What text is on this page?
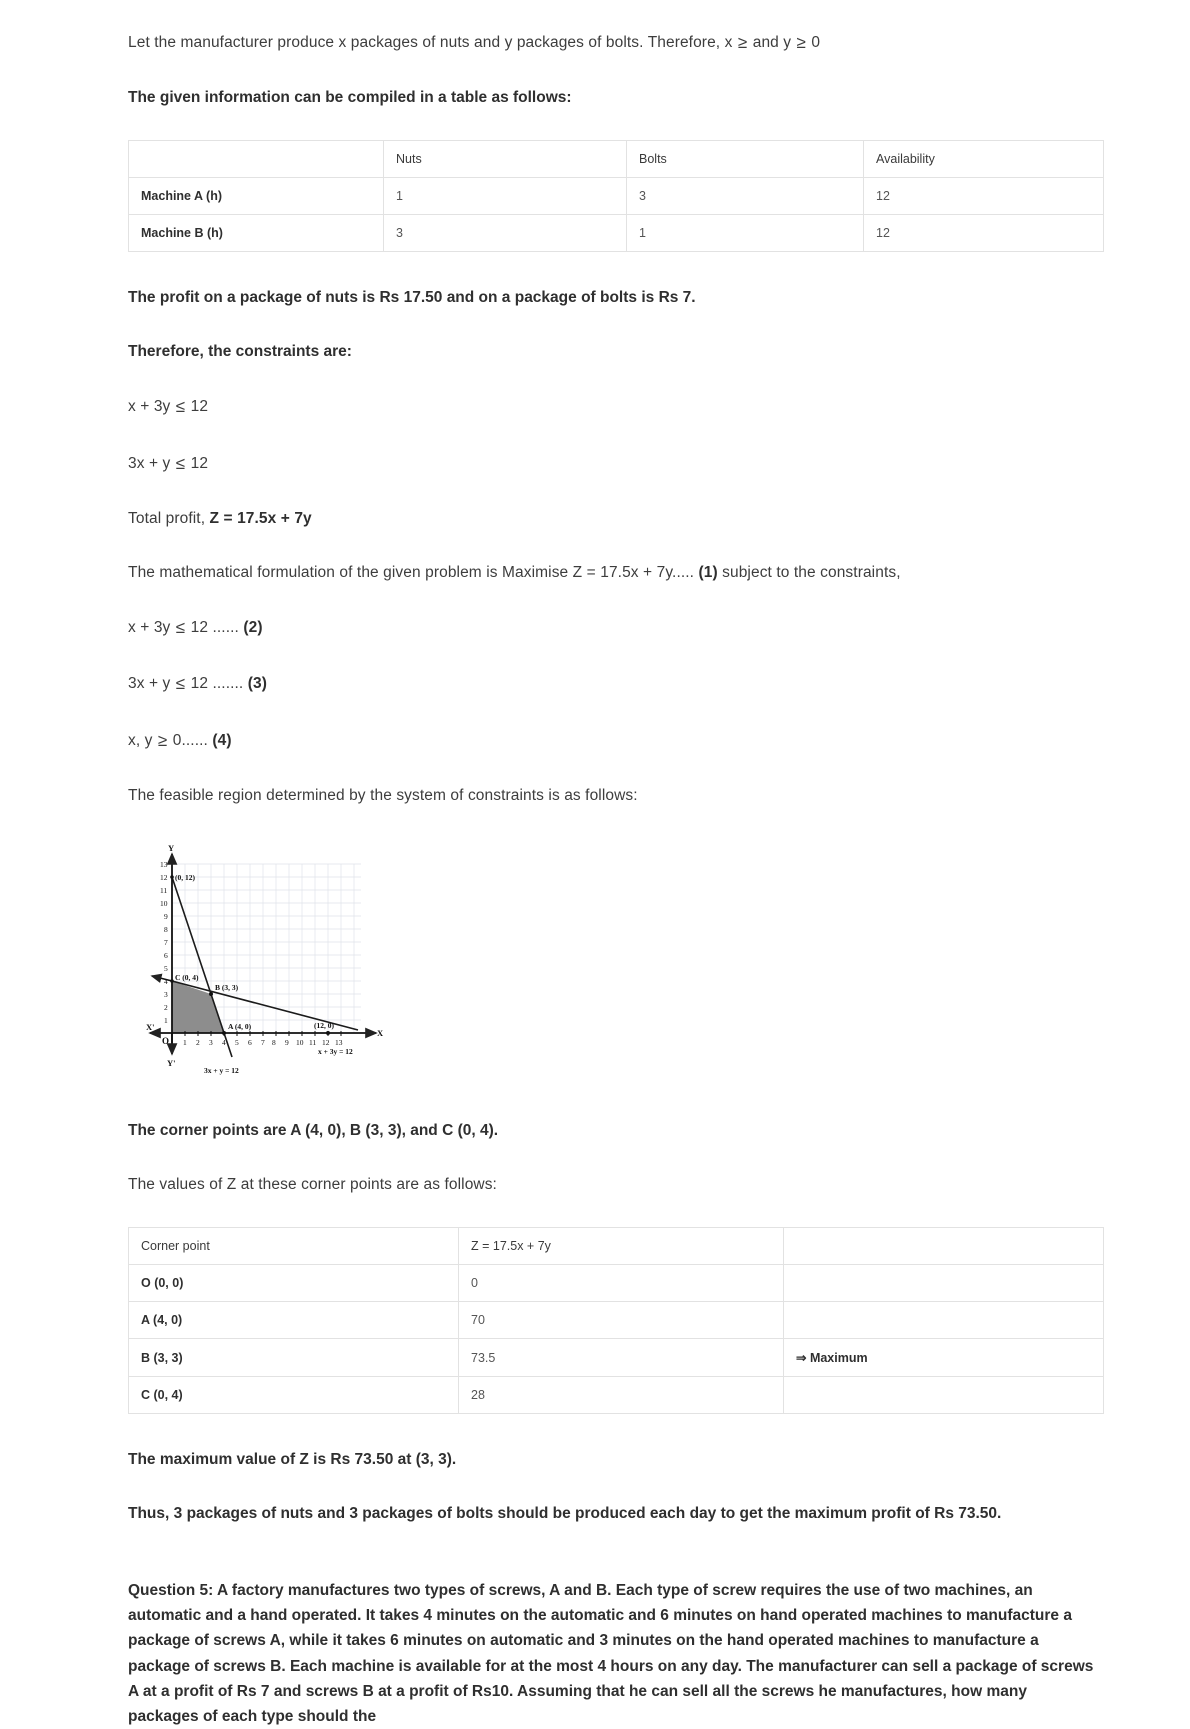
Let the manufacturer produce x packages of nuts and y packages of bolts. Therefore, x ≥ and y ≥ 0

The given information can be compiled in a table as follows:

	Nuts	Bolts	Availability
Machine A (h)	1	3	12
Machine B (h)	3	1	12

The profit on a package of nuts is Rs 17.50 and on a package of bolts is Rs 7.

Therefore, the constraints are:

x + 3y ≤ 12

3x + y ≤ 12

Total profit, Z = 17.5x + 7y

The mathematical formulation of the given problem is Maximise Z = 17.5x + 7y..... (1) subject to the constraints,

x + 3y ≤ 12 ...... (2)

3x + y ≤ 12 ....... (3)

x, y ≥ 0...... (4)

The feasible region determined by the system of constraints is as follows:

13
12
11
10
9
8
7
6
5
4
3
2
1
1 2 3 4 5 6 7 8 9 10 11 12 13
O
Y
Y'
X
X'
(0, 12)
C (0, 4)
B (3, 3)
A (4, 0)	(12, 0)
x + 3y = 12
3x + y = 12

The corner points are A (4, 0), B (3, 3), and C (0, 4).

The values of Z at these corner points are as follows:

Corner point	Z = 17.5x + 7y	
O (0, 0)	0	
A (4, 0)	70	
B (3, 3)	73.5	⇒ Maximum
C (0, 4)	28	

The maximum value of Z is Rs 73.50 at (3, 3).

Thus, 3 packages of nuts and 3 packages of bolts should be produced each day to get the maximum profit of Rs 73.50.

Question 5: A factory manufactures two types of screws, A and B. Each type of screw requires the use of two machines, an automatic and a hand operated. It takes 4 minutes on the automatic and 6 minutes on hand operated machines to manufacture a package of screws A, while it takes 6 minutes on automatic and 3 minutes on the hand operated machines to manufacture a package of screws B. Each machine is available for at the most 4 hours on any day. The manufacturer can sell a package of screws A at a profit of Rs 7 and screws B at a profit of Rs10. Assuming that he can sell all the screws he manufactures, how many packages of each type should the
